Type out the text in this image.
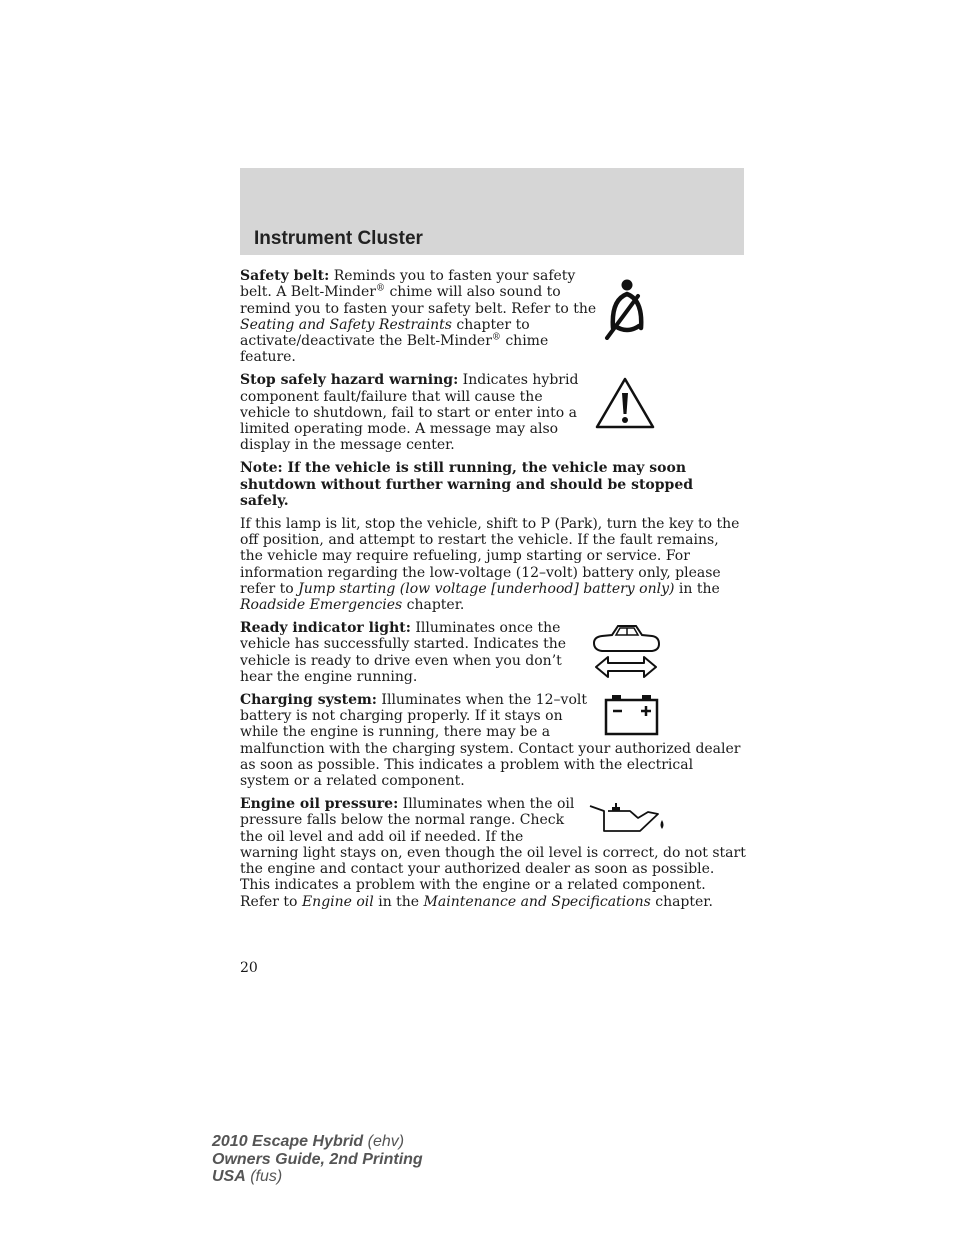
Instrument Cluster

Safety belt: Reminds you to fasten your safety belt. A Belt-Minder® chime will also sound to remind you to fasten your safety belt. Refer to the Seating and Safety Restraints chapter to activate/deactivate the Belt-Minder® chime feature.

Stop safely hazard warning: Indicates hybrid component fault/failure that will cause the vehicle to shutdown, fail to start or enter into a limited operating mode. A message may also display in the message center.

Note: If the vehicle is still running, the vehicle may soon shutdown without further warning and should be stopped safely.

If this lamp is lit, stop the vehicle, shift to P (Park), turn the key to the off position, and attempt to restart the vehicle. If the fault remains, the vehicle may require refueling, jump starting or service. For information regarding the low-voltage (12–volt) battery only, please refer to Jump starting (low voltage [underhood] battery only) in the Roadside Emergencies chapter.

Ready indicator light: Illuminates once the vehicle has successfully started. Indicates the vehicle is ready to drive even when you don’t hear the engine running.

Charging system: Illuminates when the 12–volt battery is not charging properly. If it stays on while the engine is running, there may be a malfunction with the charging system. Contact your authorized dealer as soon as possible. This indicates a problem with the electrical system or a related component.

Engine oil pressure: Illuminates when the oil pressure falls below the normal range. Check the oil level and add oil if needed. If the warning light stays on, even though the oil level is correct, do not start the engine and contact your authorized dealer as soon as possible. This indicates a problem with the engine or a related component. Refer to Engine oil in the Maintenance and Specifications chapter.

20
2010 Escape Hybrid (ehv)
Owners Guide, 2nd Printing
USA (fus)
